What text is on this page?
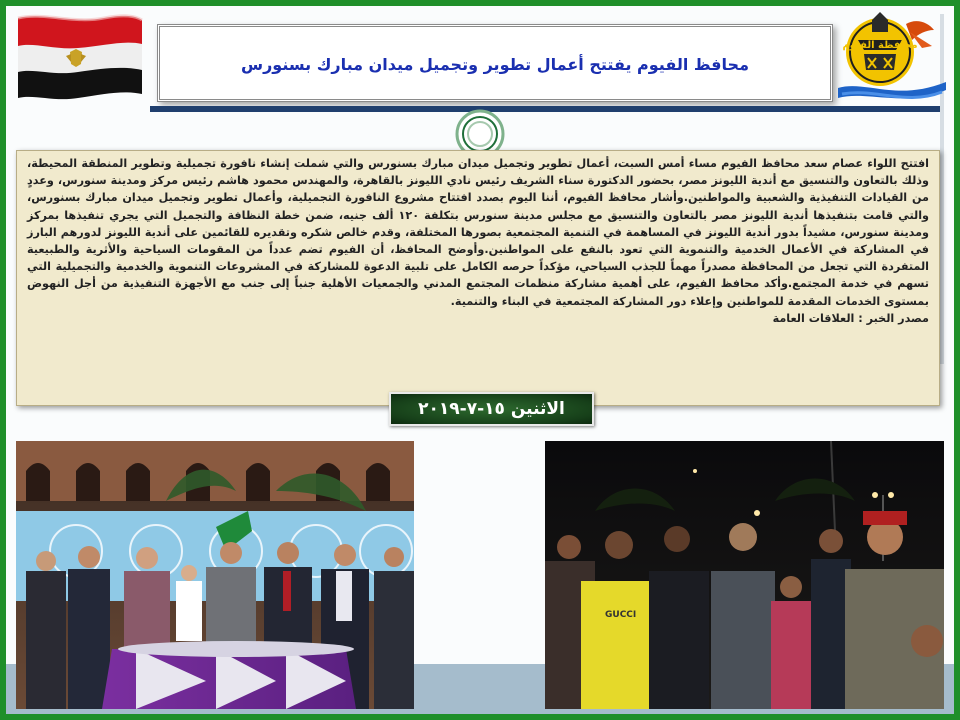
محافظ الفيوم يفتتح أعمال تطوير وتجميل ميدان مبارك بسنورس
محافظة الفيوم

افتتح اللواء عصام سعد محافظ الفيوم مساء أمس السبت، أعمال تطوير وتجميل ميدان مبارك بسنورس والتي شملت إنشاء نافورة تجميلية وتطوير المنطقة المحيطة، وذلك بالتعاون والتنسيق مع أندية الليونز مصر، بحضور الدكتورة سناء الشريف رئيس نادي الليونز بالقاهرة، والمهندس محمود هاشم رئيس مركز ومدينة سنورس، وعددٍ من القيادات التنفيذية والشعبية والمواطنين.وأشار محافظ الفيوم، أننا اليوم بصدد افتتاح مشروع النافورة التجميلية، وأعمال تطوير وتجميل ميدان مبارك بسنورس، والتي قامت بتنفيذها أندية الليونز مصر بالتعاون والتنسيق مع مجلس مدينة سنورس بتكلفة ١٢٠ ألف جنيه، ضمن خطة النظافة والتجميل التي يجري تنفيذها بمركز ومدينة سنورس، مشيداً بدور أندية الليونز في المساهمة في التنمية المجتمعية بصورها المختلفة، وقدم خالص شكره وتقديره للقائمين على أندية الليونز لدورهم البارز في المشاركة في الأعمال الخدمية والتنموية التي تعود بالنفع على المواطنين.وأوضح المحافظ، أن الفيوم تضم عدداً من المقومات السياحية والأثرية والطبيعية المتفردة التي تجعل من المحافظة مصدراً مهماً للجذب السياحي، مؤكداً حرصه الكامل على تلبية الدعوة للمشاركة في المشروعات التنموية والخدمية والتجميلية التي تسهم في خدمة المجتمع.وأكد محافظ الفيوم، على أهمية مشاركة منظمات المجتمع المدني والجمعيات الأهلية جنباً إلى جنب مع الأجهزة التنفيذية من أجل النهوض بمستوى الخدمات المقدمة للمواطنين وإعلاء دور المشاركة المجتمعية في البناء والتنمية.

مصدر الخبر : العلاقات العامة

الاثنين ١٥-٧-٢٠١٩
GUCCI
